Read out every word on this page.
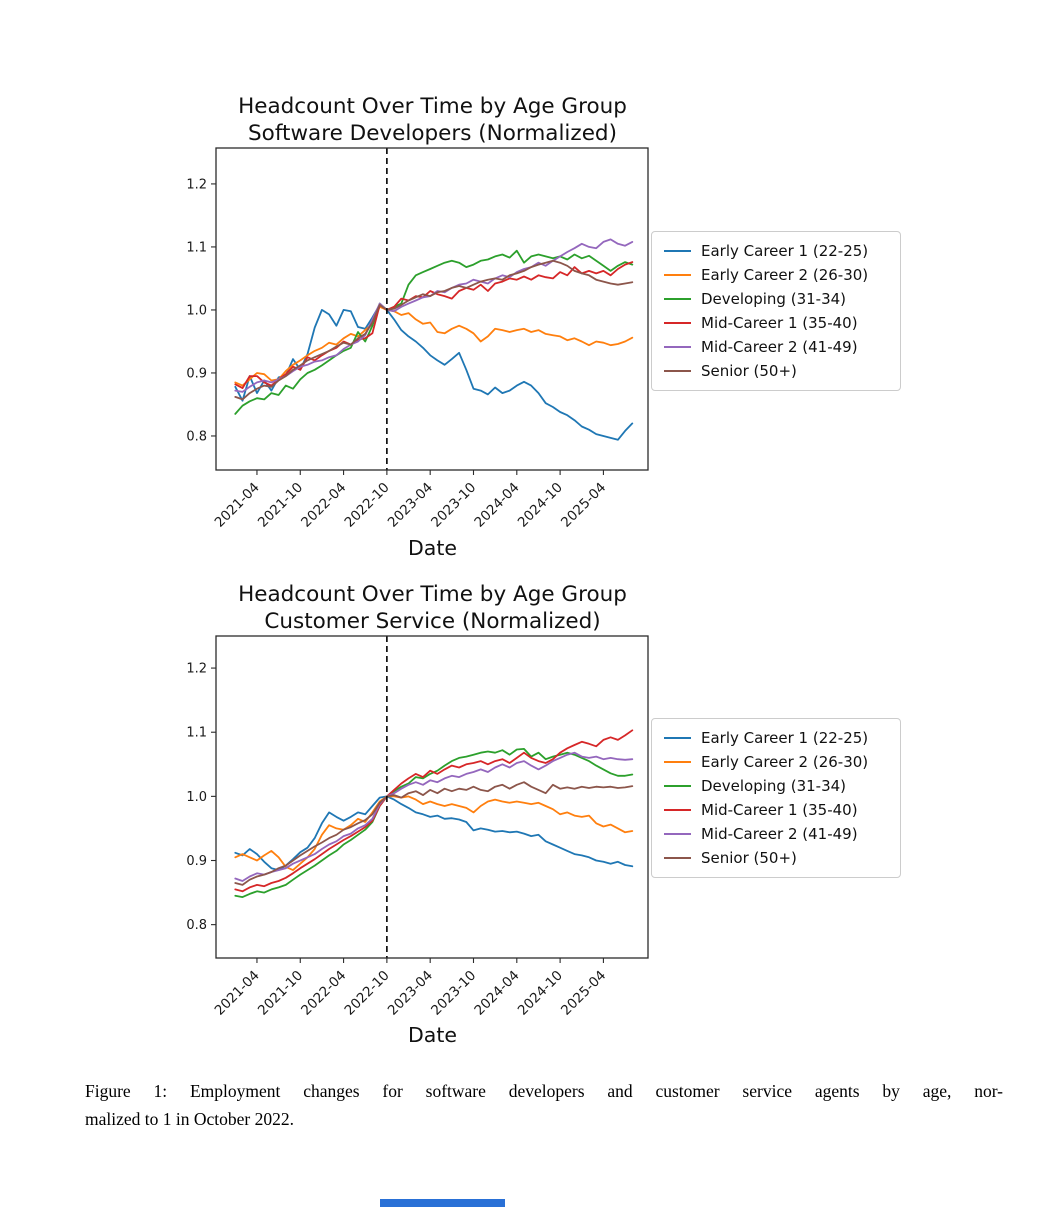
Headcount Over Time by Age Group
Software Developers (Normalized)
0.8
0.9
1.0
1.1
1.2
2021-04
2021-10
2022-04
2022-10
2023-04
2023-10
2024-04
2024-10
2025-04
Early Career 1 (22-25)
Early Career 2 (26-30)
Developing (31-34)
Mid-Career 1 (35-40)
Mid-Career 2 (41-49)
Senior (50+)
Date
Headcount Over Time by Age Group
Customer Service (Normalized)
0.8
0.9
1.0
1.1
1.2
2021-04
2021-10
2022-04
2022-10
2023-04
2023-10
2024-04
2024-10
2025-04
Early Career 1 (22-25)
Early Career 2 (26-30)
Developing (31-34)
Mid-Career 1 (35-40)
Mid-Career 2 (41-49)
Senior (50+)
Date
Figure 1: Employment changes for software developers and customer service agents by age, nor-
malized to 1 in October 2022.
